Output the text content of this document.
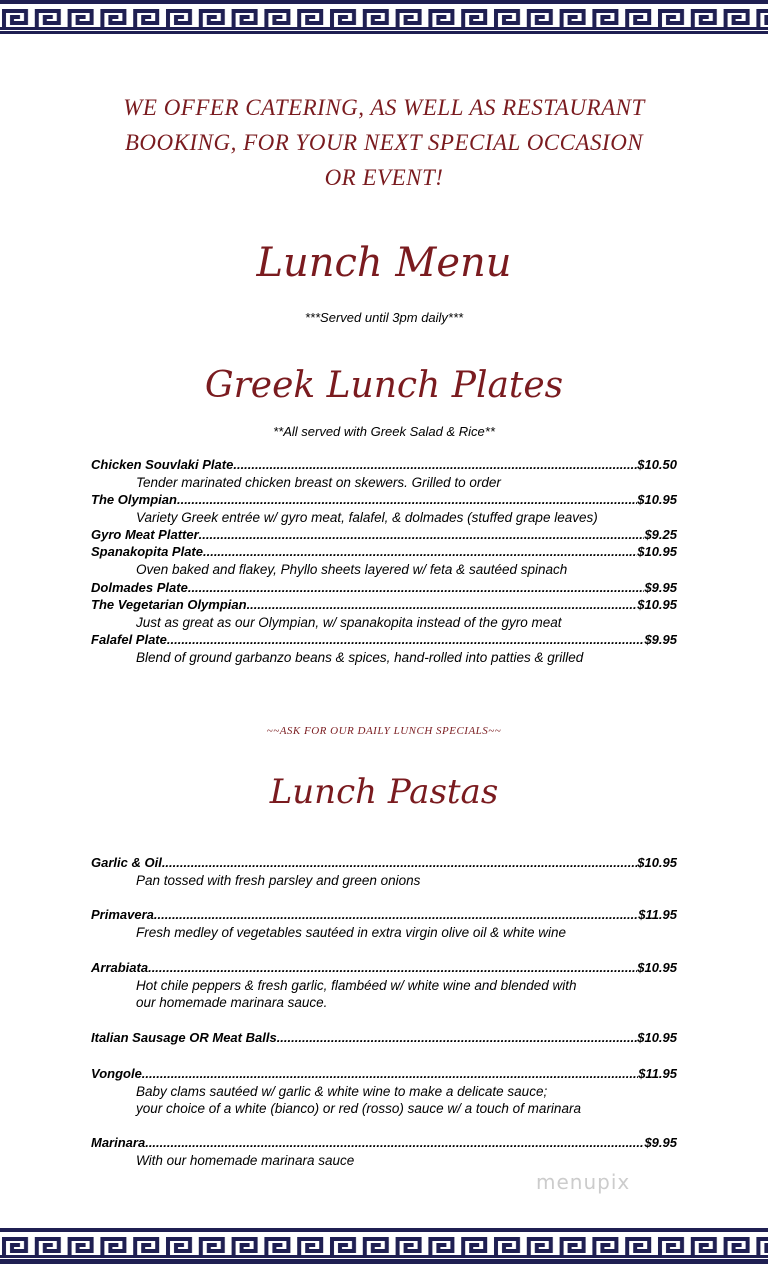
WE OFFER CATERING, AS WELL AS RESTAURANT
BOOKING, FOR YOUR NEXT SPECIAL OCCASION
OR EVENT!
Lunch Menu
***Served until 3pm daily***
Greek Lunch Plates
**All served with Greek Salad & Rice**
Chicken Souvlaki Plate .....	$10.50
Tender marinated chicken breast on skewers. Grilled to order
The Olympian .....	$10.95
Variety Greek entrée w/ gyro meat, falafel, & dolmades (stuffed grape leaves)
Gyro Meat Platter .....	$9.25
Spanakopita Plate .....	$10.95
Oven baked and flakey, Phyllo sheets layered w/ feta & sautéed spinach
Dolmades Plate .....	$9.95
The Vegetarian Olympian .....	$10.95
Just as great as our Olympian, w/ spanakopita instead of the gyro meat
Falafel Plate .....	$9.95
Blend of ground garbanzo beans & spices, hand-rolled into patties & grilled
~~ASK FOR OUR DAILY LUNCH SPECIALS~~
Lunch Pastas
Garlic & Oil .....	$10.95
Pan tossed with fresh parsley and green onions
Primavera .....	$11.95
Fresh medley of vegetables sautéed in extra virgin olive oil & white wine
Arrabiata .....	$10.95
Hot chile peppers & fresh garlic, flambéed w/ white wine and blended with
our homemade marinara sauce.
Italian Sausage OR Meat Balls .....	$10.95
Vongole .....	$11.95
Baby clams sautéed w/ garlic & white wine to make a delicate sauce;
your choice of a white (bianco) or red (rosso) sauce w/ a touch of marinara
Marinara .....	$9.95
With our homemade marinara sauce
menupix
